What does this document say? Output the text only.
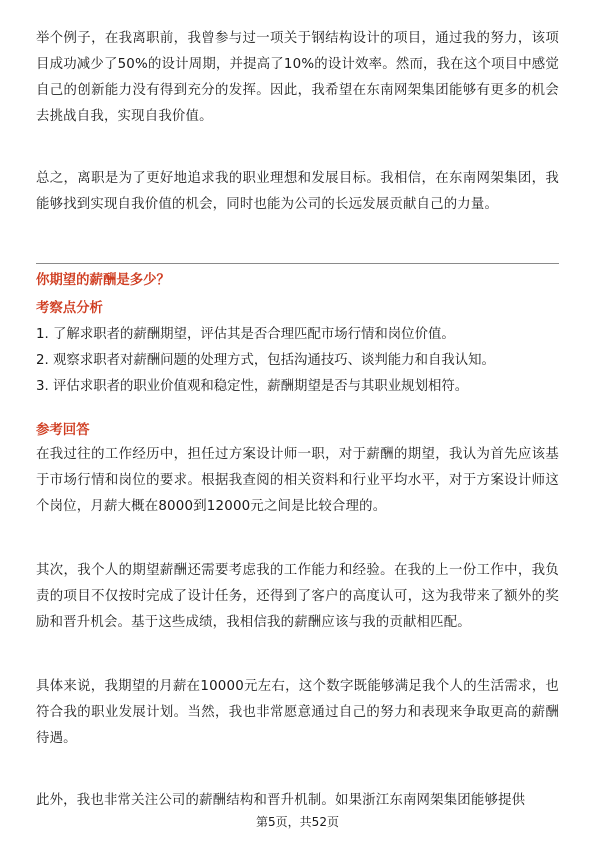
举个例子，在我离职前，我曾参与过一项关于钢结构设计的项目，通过我的努力，该项目成功减少了50%的设计周期，并提高了10%的设计效率。然而，我在这个项目中感觉自己的创新能力没有得到充分的发挥。因此，我希望在东南网架集团能够有更多的机会去挑战自我，实现自我价值。

总之，离职是为了更好地追求我的职业理想和发展目标。我相信，在东南网架集团，我能够找到实现自我价值的机会，同时也能为公司的长远发展贡献自己的力量。

你期望的薪酬是多少？
考察点分析
1. 了解求职者的薪酬期望，评估其是否合理匹配市场行情和岗位价值。
2. 观察求职者对薪酬问题的处理方式，包括沟通技巧、谈判能力和自我认知。
3. 评估求职者的职业价值观和稳定性，薪酬期望是否与其职业规划相符。
参考回答

在我过往的工作经历中，担任过方案设计师一职，对于薪酬的期望，我认为首先应该基于市场行情和岗位的要求。根据我查阅的相关资料和行业平均水平，对于方案设计师这个岗位，月薪大概在8000到12000元之间是比较合理的。

其次，我个人的期望薪酬还需要考虑我的工作能力和经验。在我的上一份工作中，我负责的项目不仅按时完成了设计任务，还得到了客户的高度认可，这为我带来了额外的奖励和晋升机会。基于这些成绩，我相信我的薪酬应该与我的贡献相匹配。

具体来说，我期望的月薪在10000元左右，这个数字既能够满足我个人的生活需求，也符合我的职业发展计划。当然，我也非常愿意通过自己的努力和表现来争取更高的薪酬待遇。

此外，我也非常关注公司的薪酬结构和晋升机制。如果浙江东南网架集团能够提供

第5页，共52页
